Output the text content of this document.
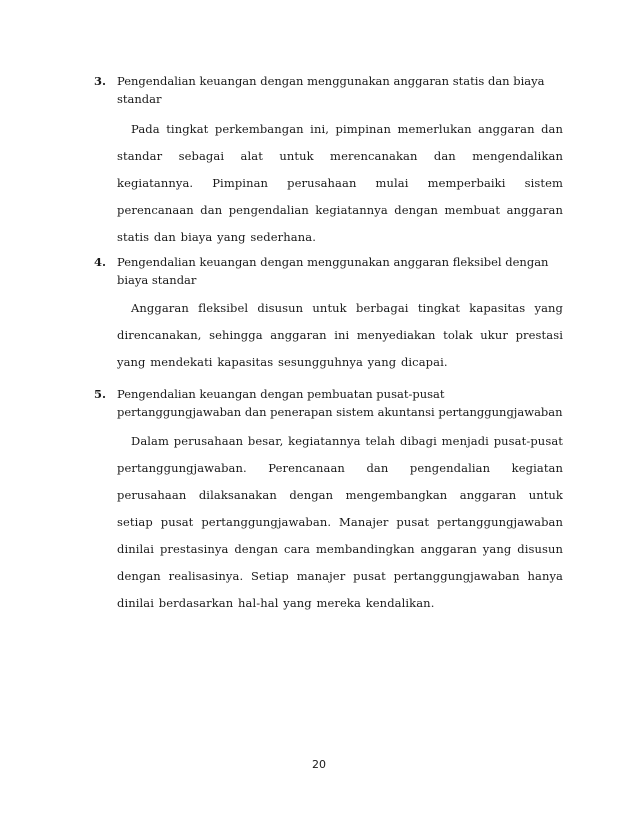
3. Pengendalian keuangan dengan menggunakan anggaran statis dan biaya standar
Pada tingkat perkembangan ini, pimpinan memerlukan anggaran dan standar sebagai alat untuk merencanakan dan mengendalikan kegiatannya. Pimpinan perusahaan mulai memperbaiki sistem perencanaan dan pengendalian kegiatannya dengan membuat anggaran statis dan biaya yang sederhana.
4. Pengendalian keuangan dengan menggunakan anggaran fleksibel dengan biaya standar
Anggaran fleksibel disusun untuk berbagai tingkat kapasitas yang direncanakan, sehingga anggaran ini menyediakan tolak ukur prestasi yang mendekati kapasitas sesungguhnya yang dicapai.
5. Pengendalian keuangan dengan pembuatan pusat-pusat pertanggungjawaban dan penerapan sistem akuntansi pertanggungjawaban
Dalam perusahaan besar, kegiatannya telah dibagi menjadi pusat-pusat pertanggungjawaban. Perencanaan dan pengendalian kegiatan perusahaan dilaksanakan dengan mengembangkan anggaran untuk setiap pusat pertanggungjawaban. Manajer pusat pertanggungjawaban dinilai prestasinya dengan cara membandingkan anggaran yang disusun dengan realisasinya. Setiap manajer pusat pertanggungjawaban hanya dinilai berdasarkan hal-hal yang mereka kendalikan.
20
